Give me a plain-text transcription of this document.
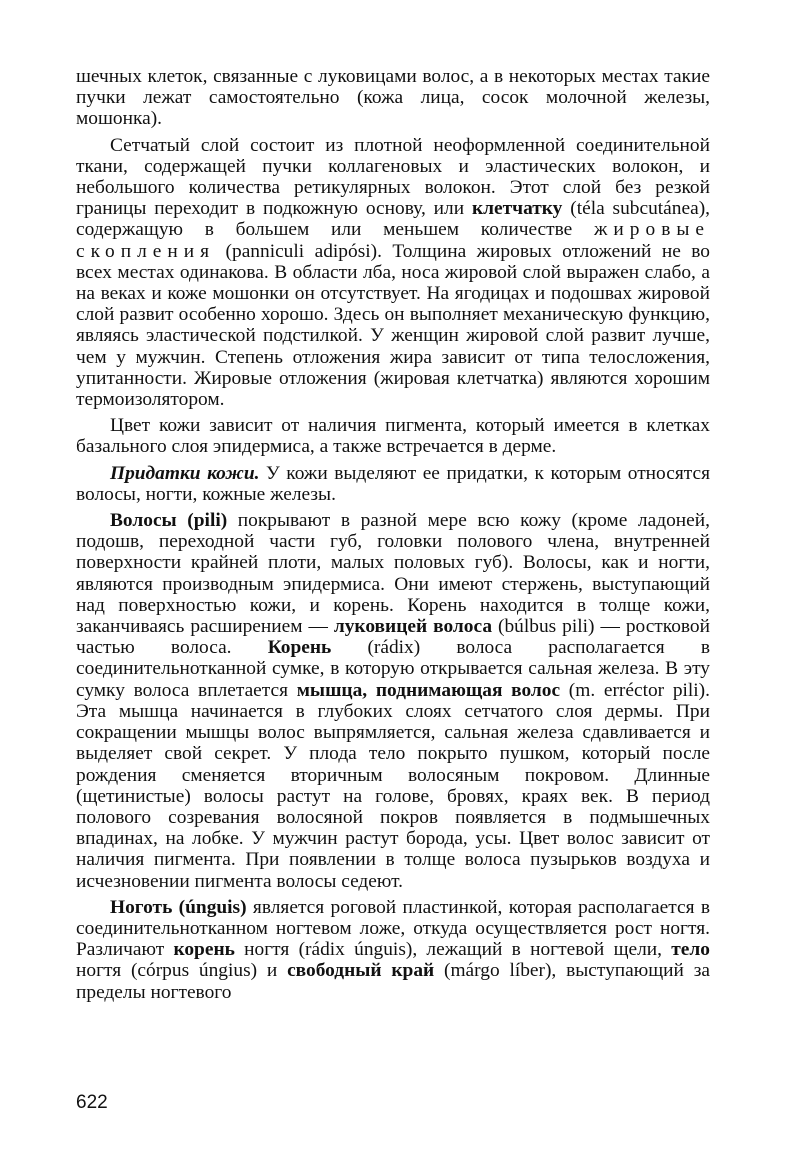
шечных клеток, связанные с луковицами волос, а в некоторых местах такие пучки лежат самостоятельно (кожа лица, сосок молочной железы, мошонка).

Сетчатый слой состоит из плотной неоформленной соединительной ткани, содержащей пучки коллагеновых и эластических волокон, и небольшого количества ретикулярных волокон. Этот слой без резкой границы переходит в подкожную основу, или клетчатку (téla subcutánea), содержащую в большем или меньшем количестве жировые скопления (panniculi adipósi). Толщина жировых отложений не во всех местах одинакова. В области лба, носа жировой слой выражен слабо, а на веках и коже мошонки он отсутствует. На ягодицах и подошвах жировой слой развит особенно хорошо. Здесь он выполняет механическую функцию, являясь эластической подстилкой. У женщин жировой слой развит лучше, чем у мужчин. Степень отложения жира зависит от типа телосложения, упитанности. Жировые отложения (жировая клетчатка) являются хорошим термоизолятором.

Цвет кожи зависит от наличия пигмента, который имеется в клетках базального слоя эпидермиса, а также встречается в дерме.

Придатки кожи. У кожи выделяют ее придатки, к которым относятся волосы, ногти, кожные железы.

Волосы (pili) покрывают в разной мере всю кожу (кроме ладоней, подошв, переходной части губ, головки полового члена, внутренней поверхности крайней плоти, малых половых губ). Волосы, как и ногти, являются производным эпидермиса. Они имеют стержень, выступающий над поверхностью кожи, и корень. Корень находится в толще кожи, заканчиваясь расширением — луковицей волоса (búlbus pili) — ростковой частью волоса. Корень (rádix) волоса располагается в соединительнотканной сумке, в которую открывается сальная железа. В эту сумку волоса вплетается мышца, поднимающая волос (m. erréctor pili). Эта мышца начинается в глубоких слоях сетчатого слоя дермы. При сокращении мышцы волос выпрямляется, сальная железа сдавливается и выделяет свой секрет. У плода тело покрыто пушком, который после рождения сменяется вторичным волосяным покровом. Длинные (щетинистые) волосы растут на голове, бровях, краях век. В период полового созревания волосяной покров появляется в подмышечных впадинах, на лобке. У мужчин растут борода, усы. Цвет волос зависит от наличия пигмента. При появлении в толще волоса пузырьков воздуха и исчезновении пигмента волосы седеют.

Ноготь (únguis) является роговой пластинкой, которая располагается в соединительнотканном ногтевом ложе, откуда осуществляется рост ногтя. Различают корень ногтя (rádix únguis), лежащий в ногтевой щели, тело ногтя (córpus úngius) и свободный край (márgo líber), выступающий за пределы ногтевого

622
